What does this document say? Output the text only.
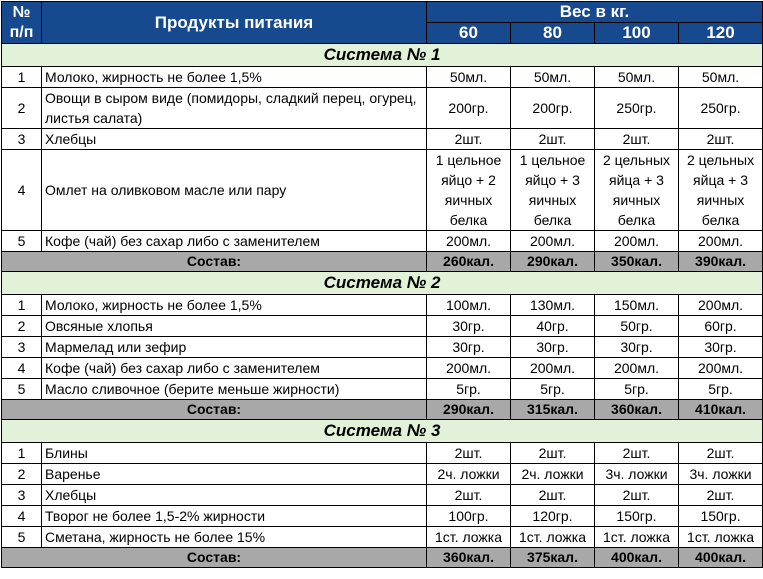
№
п/п	Продукты питания	Вес в кг.			
		60	80	100	120
Система № 1					
1	Молоко, жирность не более 1,5%	50мл.	50мл.	50мл.	50мл.
2	Овощи в сыром виде (помидоры, сладкий перец, огурец, листья салата)	200гр.	200гр.	250гр.	250гр.
3	Хлебцы	2шт.	2шт.	2шт.	2шт.
4	Омлет на оливковом масле или пару	1 цельное яйцо + 2 яичных белка	1 цельное яйцо + 3 яичных белка	2 цельных яйца + 3 яичных белка	2 цельных яйца + 3 яичных белка
5	Кофе (чай) без сахар либо с заменителем	200мл.	200мл.	200мл.	200мл.
Состав:		260кал.	290кал.	350кал.	390кал.
Система № 2					
1	Молоко, жирность не более 1,5%	100мл.	130мл.	150мл.	200мл.
2	Овсяные хлопья	30гр.	40гр.	50гр.	60гр.
3	Мармелад или зефир	30гр.	30гр.	30гр.	30гр.
4	Кофе (чай) без сахар либо с заменителем	200мл.	200мл.	200мл.	200мл.
5	Масло сливочное (берите меньше жирности)	5гр.	5гр.	5гр.	5гр.
Состав:		290кал.	315кал.	360кал.	410кал.
Система № 3					
1	Блины	2шт.	2шт.	2шт.	2шт.
2	Варенье	2ч. ложки	2ч. ложки	3ч. ложки	3ч. ложки
3	Хлебцы	2шт.	2шт.	2шт.	2шт.
4	Творог не более 1,5-2% жирности	100гр.	120гр.	150гр.	150гр.
5	Сметана, жирность не более 15%	1ст. ложка	1ст. ложка	1ст. ложка	1ст. ложка
Состав:		360кал.	375кал.	400кал.	400кал.
